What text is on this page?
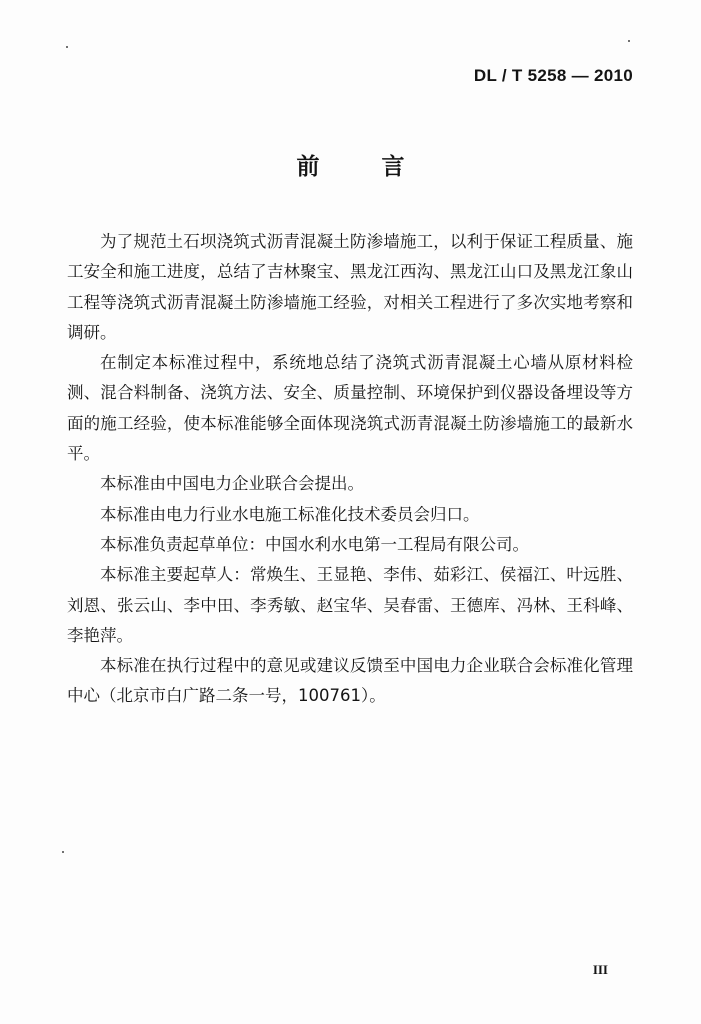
DL / T 5258 — 2010
前	言

为了规范土石坝浇筑式沥青混凝土防渗墙施工，以利于保证工程质量、施工安全和施工进度，总结了吉林聚宝、黑龙江西沟、黑龙江山口及黑龙江象山工程等浇筑式沥青混凝土防渗墙施工经验，对相关工程进行了多次实地考察和调研。

在制定本标准过程中，系统地总结了浇筑式沥青混凝土心墙从原材料检测、混合料制备、浇筑方法、安全、质量控制、环境保护到仪器设备埋设等方面的施工经验，使本标准能够全面体现浇筑式沥青混凝土防渗墙施工的最新水平。

本标准由中国电力企业联合会提出。

本标准由电力行业水电施工标准化技术委员会归口。

本标准负责起草单位：中国水利水电第一工程局有限公司。

本标准主要起草人：常焕生、王显艳、李伟、茹彩江、侯福江、叶远胜、刘恩、张云山、李中田、李秀敏、赵宝华、吴春雷、王德库、冯林、王科峰、李艳萍。

本标准在执行过程中的意见或建议反馈至中国电力企业联合会标准化管理中心（北京市白广路二条一号，100761）。

III
